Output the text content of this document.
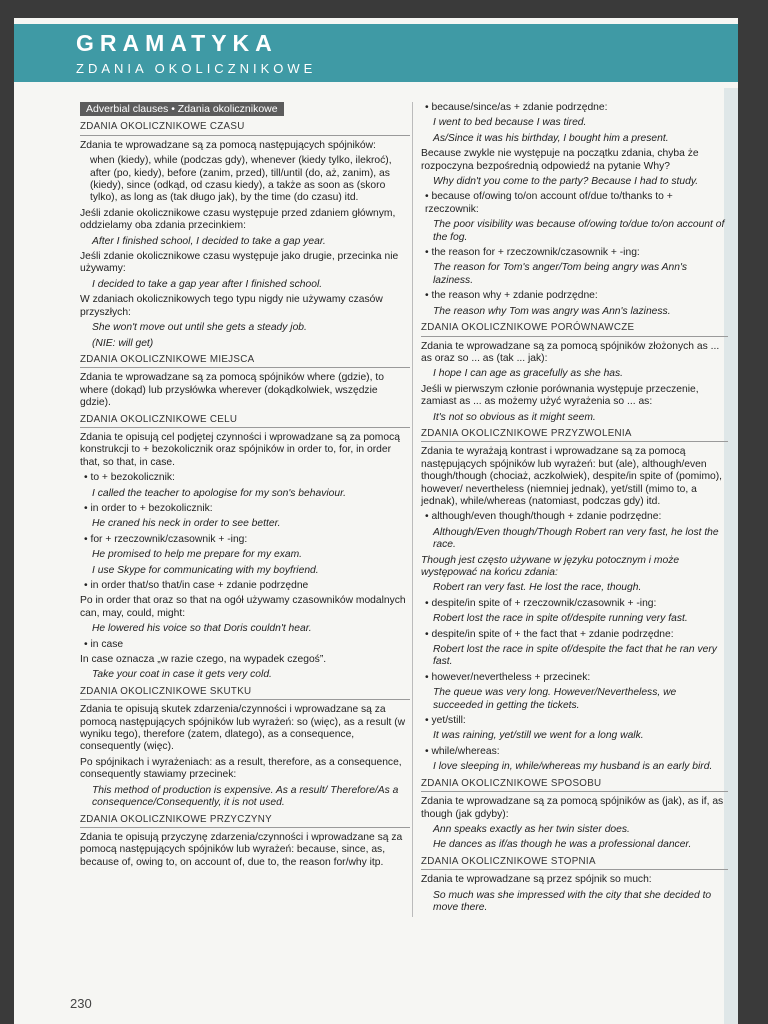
GRAMATYKA
ZDANIA OKOLICZNIKOWE
Adverbial clauses • Zdania okolicznikowe
ZDANIA OKOLICZNIKOWE CZASU

Zdania te wprowadzane są za pomocą następujących spójników:

when (kiedy), while (podczas gdy), whenever (kiedy tylko, ilekroć), after (po, kiedy), before (zanim, przed), till/until (do, aż, zanim), as (kiedy), since (odkąd, od czasu kiedy), a także as soon as (skoro tylko), as long as (tak długo jak), by the time (do czasu) itd.

Jeśli zdanie okolicznikowe czasu występuje przed zdaniem głównym, oddzielamy oba zdania przecinkiem:

After I finished school, I decided to take a gap year.

Jeśli zdanie okolicznikowe czasu występuje jako drugie, przecinka nie używamy:

I decided to take a gap year after I finished school.

W zdaniach okolicznikowych tego typu nigdy nie używamy czasów przyszłych:

She won't move out until she gets a steady job.

(NIE: will get)

ZDANIA OKOLICZNIKOWE MIEJSCA

Zdania te wprowadzane są za pomocą spójników where (gdzie), to where (dokąd) lub przysłówka wherever (dokądkolwiek, wszędzie gdzie).

ZDANIA OKOLICZNIKOWE CELU

Zdania te opisują cel podjętej czynności i wprowadzane są za pomocą konstrukcji to + bezokolicznik oraz spójników in order to, for, in order that, so that, in case.

• to + bezokolicznik:

I called the teacher to apologise for my son's behaviour.

• in order to + bezokolicznik:

He craned his neck in order to see better.

• for + rzeczownik/czasownik + -ing:

He promised to help me prepare for my exam.

I use Skype for communicating with my boyfriend.

• in order that/so that/in case + zdanie podrzędne

Po in order that oraz so that na ogół używamy czasowników modalnych can, may, could, might:

He lowered his voice so that Doris couldn't hear.

• in case

In case oznacza „w razie czego, na wypadek czegoś”.

Take your coat in case it gets very cold.

ZDANIA OKOLICZNIKOWE SKUTKU

Zdania te opisują skutek zdarzenia/czynności i wprowadzane są za pomocą następujących spójników lub wyrażeń: so (więc), as a result (w wyniku tego), therefore (zatem, dlatego), as a consequence, consequently (więc).

Po spójnikach i wyrażeniach: as a result, therefore, as a consequence, consequently stawiamy przecinek:

This method of production is expensive. As a result/ Therefore/As a consequence/Consequently, it is not used.

ZDANIA OKOLICZNIKOWE PRZYCZYNY

Zdania te opisują przyczynę zdarzenia/czynności i wprowadzane są za pomocą następujących spójników lub wyrażeń: because, since, as, because of, owing to, on account of, due to, the reason for/why itp.

• because/since/as + zdanie podrzędne:

I went to bed because I was tired.

As/Since it was his birthday, I bought him a present.

Because zwykle nie występuje na początku zdania, chyba że rozpoczyna bezpośrednią odpowiedź na pytanie Why?

Why didn't you come to the party? Because I had to study.

• because of/owing to/on account of/due to/thanks to + rzeczownik:

The poor visibility was because of/owing to/due to/on account of the fog.

• the reason for + rzeczownik/czasownik + -ing:

The reason for Tom's anger/Tom being angry was Ann's laziness.

• the reason why + zdanie podrzędne:

The reason why Tom was angry was Ann's laziness.

ZDANIA OKOLICZNIKOWE PORÓWNAWCZE

Zdania te wprowadzane są za pomocą spójników złożonych as ... as oraz so ... as (tak ... jak):

I hope I can age as gracefully as she has.

Jeśli w pierwszym członie porównania występuje przeczenie, zamiast as ... as możemy użyć wyrażenia so ... as:

It's not so obvious as it might seem.

ZDANIA OKOLICZNIKOWE PRZYZWOLENIA

Zdania te wyrażają kontrast i wprowadzane są za pomocą następujących spójników lub wyrażeń: but (ale), although/even though/though (chociaż, aczkolwiek), despite/in spite of (pomimo), however/ nevertheless (niemniej jednak), yet/still (mimo to, a jednak), while/whereas (natomiast, podczas gdy) itd.

• although/even though/though + zdanie podrzędne:

Although/Even though/Though Robert ran very fast, he lost the race.

Though jest często używane w języku potocznym i może występować na końcu zdania:

Robert ran very fast. He lost the race, though.

• despite/in spite of + rzeczownik/czasownik + -ing:

Robert lost the race in spite of/despite running very fast.

• despite/in spite of + the fact that + zdanie podrzędne:

Robert lost the race in spite of/despite the fact that he ran very fast.

• however/nevertheless + przecinek:

The queue was very long. However/Nevertheless, we succeeded in getting the tickets.

• yet/still:

It was raining, yet/still we went for a long walk.

• while/whereas:

I love sleeping in, while/whereas my husband is an early bird.

ZDANIA OKOLICZNIKOWE SPOSOBU

Zdania te wprowadzane są za pomocą spójników as (jak), as if, as though (jak gdyby):

Ann speaks exactly as her twin sister does.

He dances as if/as though he was a professional dancer.

ZDANIA OKOLICZNIKOWE STOPNIA

Zdania te wprowadzane są przez spójnik so much:

So much was she impressed with the city that she decided to move there.

230
